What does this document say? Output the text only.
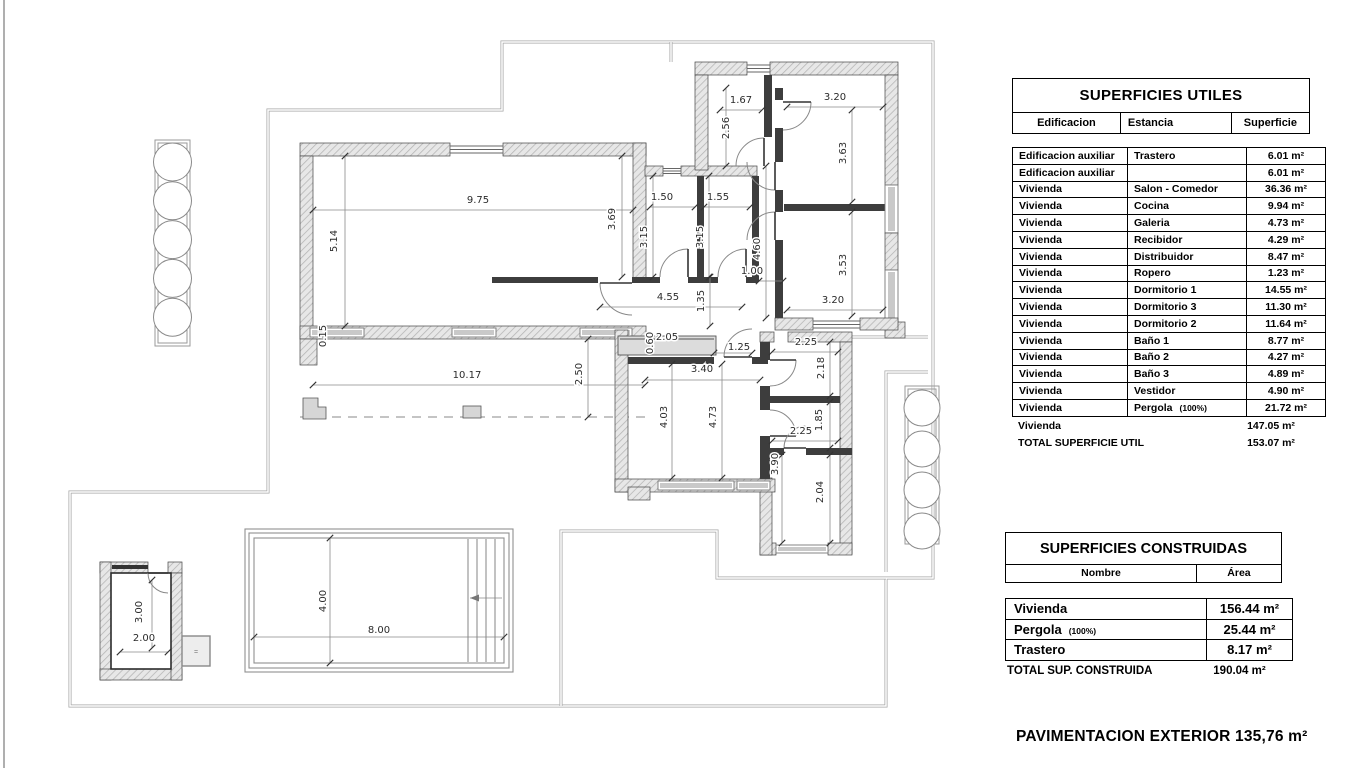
=
9.75
5.14
0.15
10.17	2.50
3.69
1.50
3.15
1.55
3.15
1.67
2.56
3.20
3.63
3.53
3.20
4.60
1.00
4.55 1.35
2.05
0.60	1.25
3.40
4.73
4.03
2.25
2.18
2.25
1.85
3.90
2.04
3.00
2.00
4.00
8.00
SUPERFICIES UTILES
Edificacion	Estancia	Superficie
Edificacion auxiliar	Trastero	6.01 m²
Edificacion auxiliar		6.01 m²
Vivienda	Salon - Comedor	36.36 m²
Vivienda	Cocina	9.94 m²
Vivienda	Galeria	4.73 m²
Vivienda	Recibidor	4.29 m²
Vivienda	Distribuidor	8.47 m²
Vivienda	Ropero	1.23 m²
Vivienda	Dormitorio 1	14.55 m²
Vivienda	Dormitorio 3	11.30 m²
Vivienda	Dormitorio 2	11.64 m²
Vivienda	Baño 1	8.77 m²
Vivienda	Baño 2	4.27 m²
Vivienda	Baño 3	4.89 m²
Vivienda	Vestidor	4.90 m²
Vivienda	Pergola (100%)	21.72 m²
Vivienda	147.05 m²
TOTAL SUPERFICIE UTIL	153.07 m²
SUPERFICIES CONSTRUIDAS
Nombre	Área
Vivienda	156.44 m²
Pergola (100%)	25.44 m²
Trastero	8.17 m²
TOTAL SUP. CONSTRUIDA	190.04 m²
PAVIMENTACION EXTERIOR 135,76 m²
